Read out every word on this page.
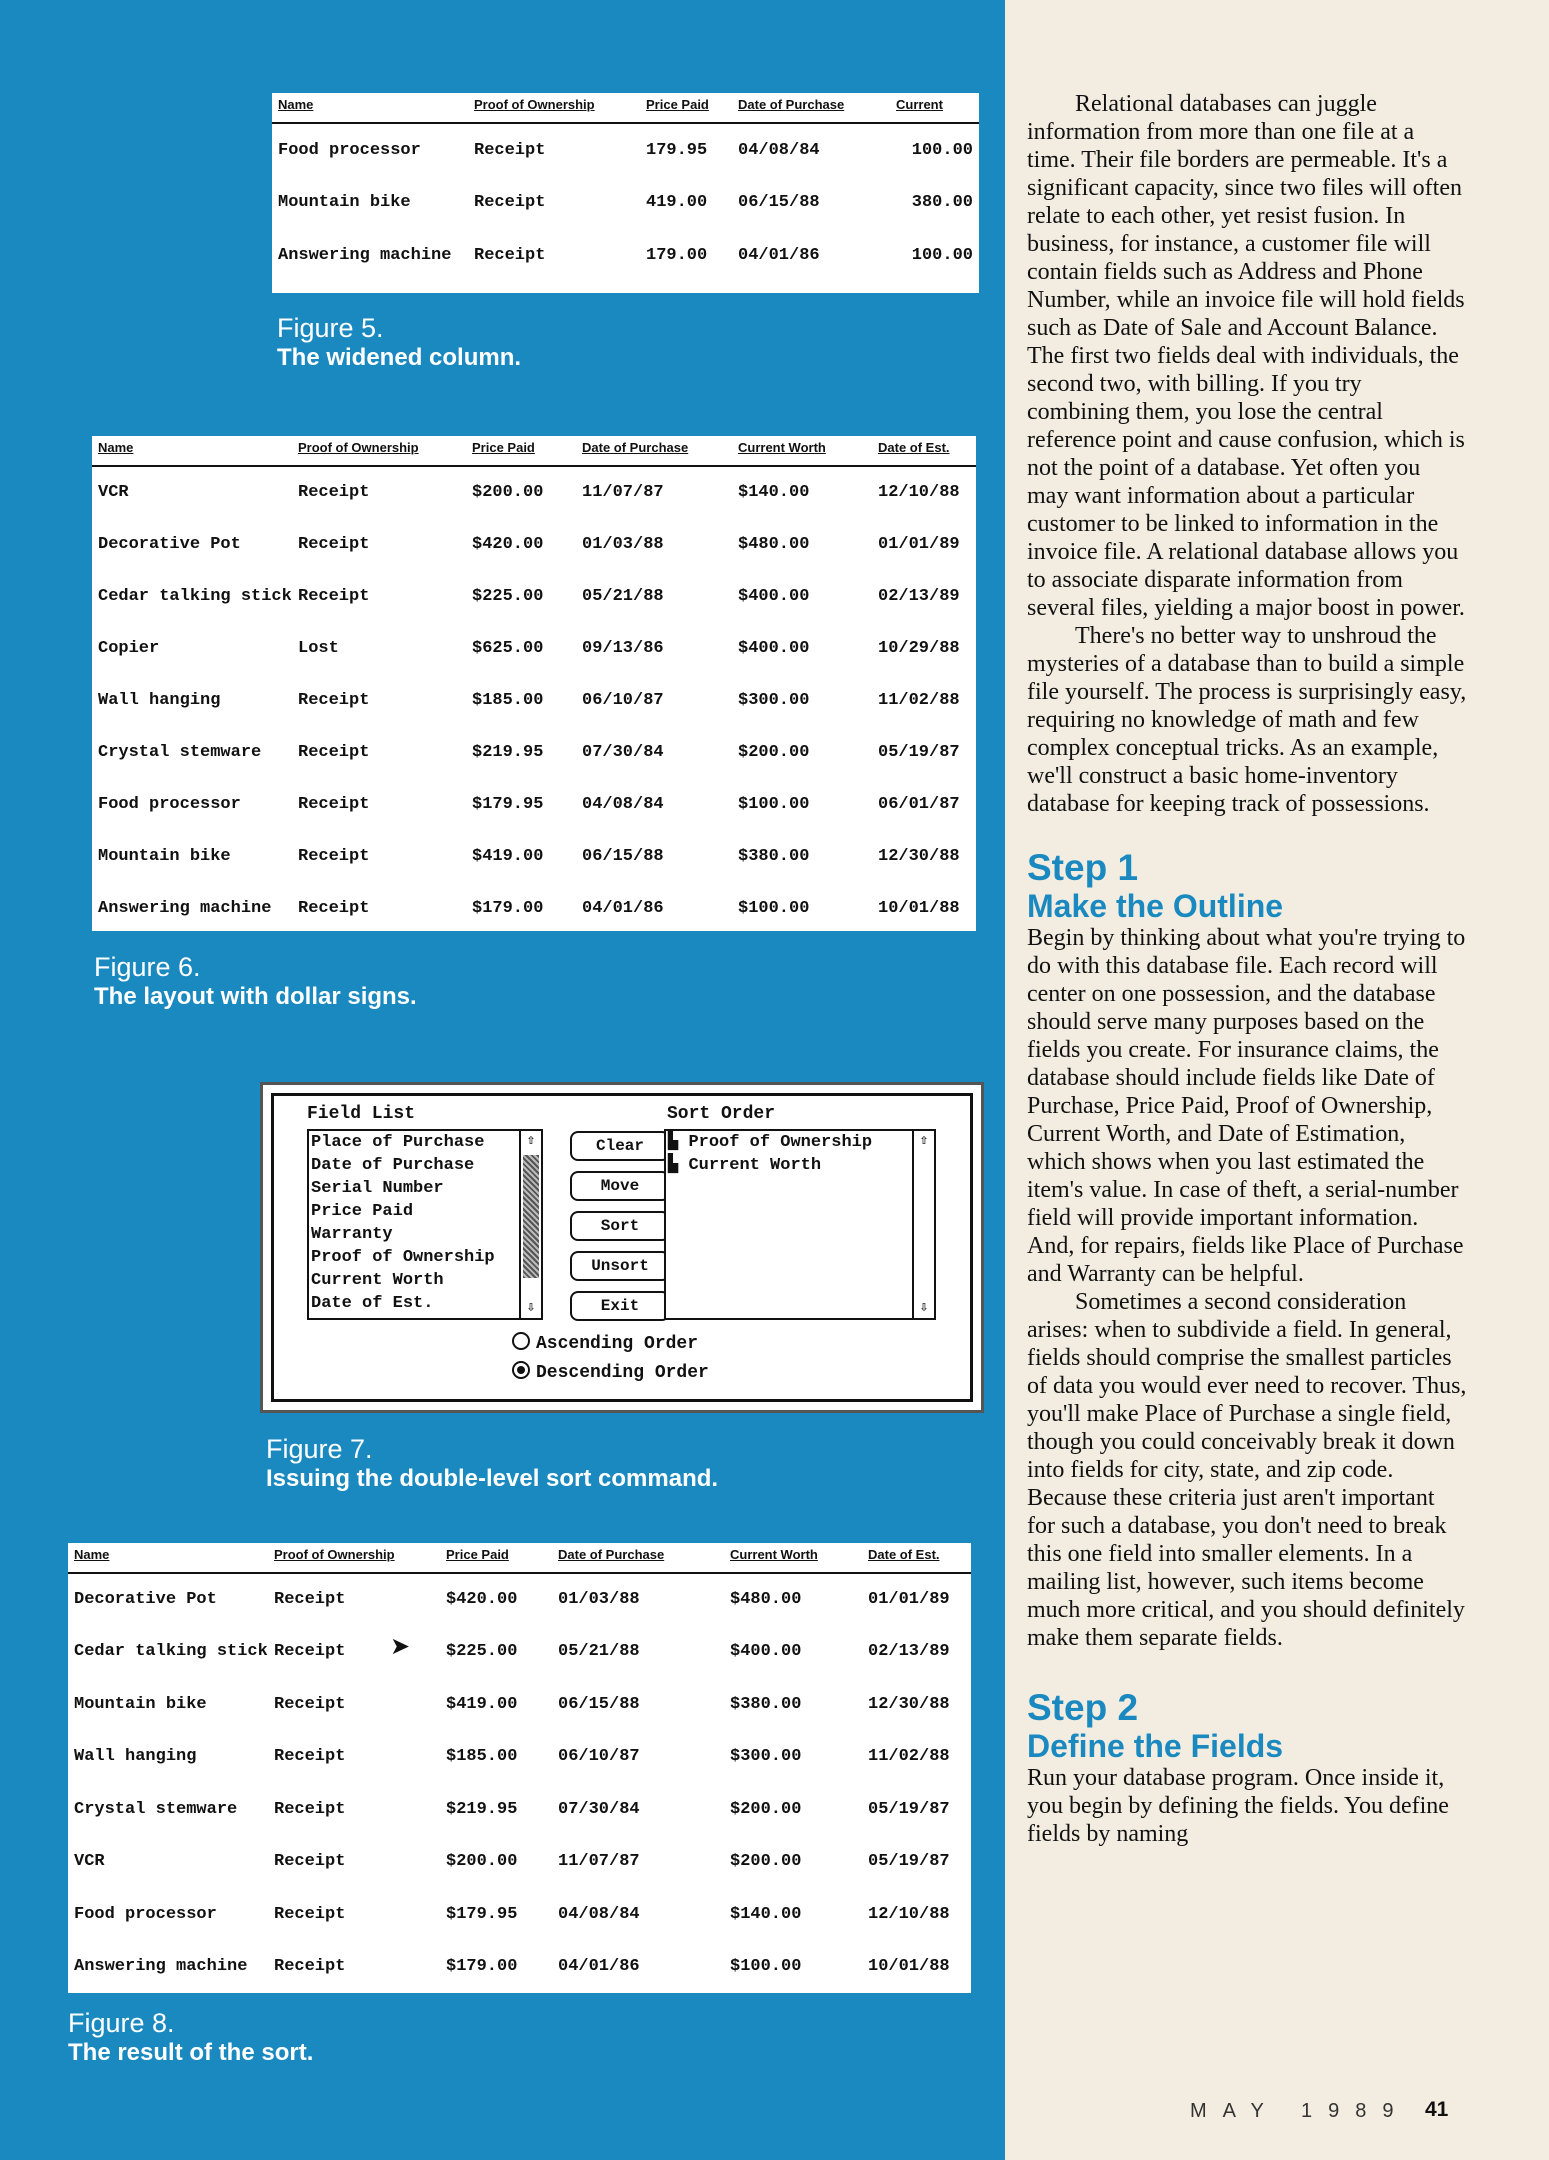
Name	Proof of Ownership	Price Paid	Date of Purchase	Current
Food processor	Receipt	179.95	04/08/84	100.00
Mountain bike	Receipt	419.00	06/15/88	380.00
Answering machine	Receipt	179.00	04/01/86	100.00
Figure 5.
The widened column.
Name	Proof of Ownership	Price Paid	Date of Purchase	Current Worth	Date of Est.
VCR	Receipt	$200.00	11/07/87	$140.00	12/10/88
Decorative Pot	Receipt	$420.00	01/03/88	$480.00	01/01/89
Cedar talking stick	Receipt	$225.00	05/21/88	$400.00	02/13/89
Copier	Lost	$625.00	09/13/86	$400.00	10/29/88
Wall hanging	Receipt	$185.00	06/10/87	$300.00	11/02/88
Crystal stemware	Receipt	$219.95	07/30/84	$200.00	05/19/87
Food processor	Receipt	$179.95	04/08/84	$100.00	06/01/87
Mountain bike	Receipt	$419.00	06/15/88	$380.00	12/30/88
Answering machine	Receipt	$179.00	04/01/86	$100.00	10/01/88
Figure 6.
The layout with dollar signs.
Field List	Sort Order
Place of Purchase
Date of Purchase
Serial Number
Price Paid
Warranty
Proof of Ownership
Current Worth
Date of Est.
⇧
⇩
Clear
Move
Sort
Unsort
Exit
▙ Proof of Ownership
▙ Current Worth
⇧
⇩
Ascending Order
Descending Order
Figure 7.
Issuing the double-level sort command.
Name	Proof of Ownership	Price Paid	Date of Purchase	Current Worth	Date of Est.
Decorative Pot	Receipt	$420.00	01/03/88	$480.00	01/01/89
Cedar talking stick	Receipt	$225.00	05/21/88	$400.00	02/13/89
Mountain bike	Receipt	$419.00	06/15/88	$380.00	12/30/88
Wall hanging	Receipt	$185.00	06/10/87	$300.00	11/02/88
Crystal stemware	Receipt	$219.95	07/30/84	$200.00	05/19/87
VCR	Receipt	$200.00	11/07/87	$200.00	05/19/87
Food processor	Receipt	$179.95	04/08/84	$140.00	12/10/88
Answering machine	Receipt	$179.00	04/01/86	$100.00	10/01/88
➤
Figure 8.
The result of the sort.

Relational databases can juggle information from more than one file at a time. Their file borders are permeable. It's a significant capacity, since two files will often relate to each other, yet resist fusion. In business, for instance, a customer file will contain fields such as Address and Phone Number, while an invoice file will hold fields such as Date of Sale and Account Balance. The first two fields deal with individuals, the second two, with billing. If you try combining them, you lose the central reference point and cause confusion, which is not the point of a database. Yet often you may want information about a particular customer to be linked to information in the invoice file. A relational database allows you to associate disparate information from several files, yielding a major boost in power.

There's no better way to unshroud the mysteries of a database than to build a simple file yourself. The process is surprisingly easy, requiring no knowledge of math and few complex conceptual tricks. As an example, we'll construct a basic home-inventory database for keeping track of possessions.

Step 1
Make the Outline

Begin by thinking about what you're trying to do with this database file. Each record will center on one possession, and the database should serve many purposes based on the fields you create. For insurance claims, the database should include fields like Date of Purchase, Price Paid, Proof of Ownership, Current Worth, and Date of Estimation, which shows when you last estimated the item's value. In case of theft, a serial-number field will provide important information. And, for repairs, fields like Place of Purchase and Warranty can be helpful.

Sometimes a second consideration arises: when to subdivide a field. In general, fields should comprise the smallest particles of data you would ever need to recover. Thus, you'll make Place of Purchase a single field, though you could conceivably break it down into fields for city, state, and zip code. Because these criteria just aren't important for such a database, you don't need to break this one field into smaller elements. In a mailing list, however, such items become much more critical, and you should definitely make them separate fields.

Step 2
Define the Fields

Run your database program. Once inside it, you begin by defining the fields. You define fields by naming

MAY 1989 41
